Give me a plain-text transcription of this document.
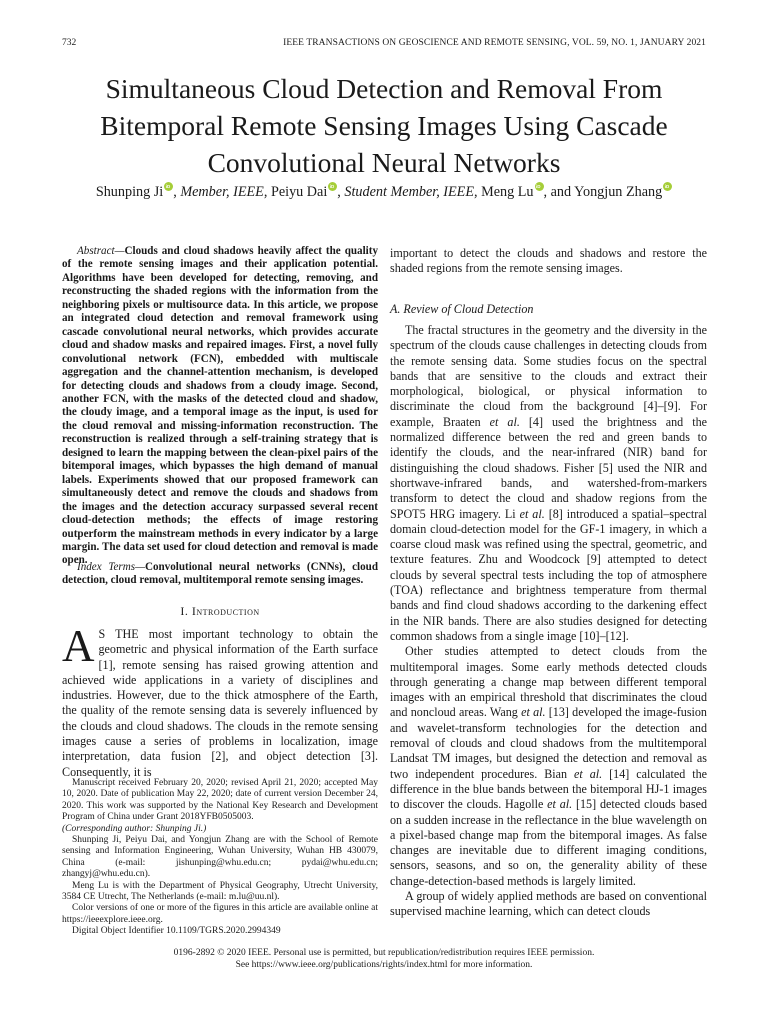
732	IEEE TRANSACTIONS ON GEOSCIENCE AND REMOTE SENSING, VOL. 59, NO. 1, JANUARY 2021
Simultaneous Cloud Detection and Removal From
Bitemporal Remote Sensing Images Using Cascade
Convolutional Neural Networks
Shunping Ji iD , Member, IEEE, Peiyu Dai iD , Student Member, IEEE, Meng Lu iD , and Yongjun ZhangiD

Abstract—Clouds and cloud shadows heavily affect the quality of the remote sensing images and their application potential. Algorithms have been developed for detecting, removing, and reconstructing the shaded regions with the information from the neighboring pixels or multisource data. In this article, we propose an integrated cloud detection and removal framework using cascade convolutional neural networks, which provides accurate cloud and shadow masks and repaired images. First, a novel fully convolutional network (FCN), embedded with multiscale aggregation and the channel-attention mechanism, is developed for detecting clouds and shadows from a cloudy image. Second, another FCN, with the masks of the detected cloud and shadow, the cloudy image, and a temporal image as the input, is used for the cloud removal and missing-information reconstruction. The reconstruction is realized through a self-training strategy that is designed to learn the mapping between the clean-pixel pairs of the bitemporal images, which bypasses the high demand of manual labels. Experiments showed that our proposed framework can simultaneously detect and remove the clouds and shadows from the images and the detection accuracy surpassed several recent cloud-detection methods; the effects of image restoring outperform the mainstream methods in every indicator by a large margin. The data set used for cloud detection and removal is made open.

Index Terms—Convolutional neural networks (CNNs), cloud detection, cloud removal, multitemporal remote sensing images.

I. Introduction

A S THE most important technology to obtain the geometric and physical information of the Earth surface [1], remote sensing has raised growing attention and achieved wide applications in a variety of disciplines and industries. However, due to the thick atmosphere of the Earth, the quality of the remote sensing data is severely influenced by the clouds and cloud shadows. The clouds in the remote sensing images cause a series of problems in localization, image interpretation, data fusion [2], and object detection [3]. Consequently, it is

Manuscript received February 20, 2020; revised April 21, 2020; accepted May 10, 2020. Date of publication May 22, 2020; date of current version December 24, 2020. This work was supported by the National Key Research and Development Program of China under Grant 2018YFB0505003.
(Corresponding author: Shunping Ji.)

Shunping Ji, Peiyu Dai, and Yongjun Zhang are with the School of Remote sensing and Information Engineering, Wuhan University, Wuhan HB 430079, China (e-mail: jishunping@whu.edu.cn; pydai@whu.edu.cn; zhangyj@whu.edu.cn).

Meng Lu is with the Department of Physical Geography, Utrecht University, 3584 CE Utrecht, The Netherlands (e-mail: m.lu@uu.nl).

Color versions of one or more of the figures in this article are available online at https://ieeexplore.ieee.org.

Digital Object Identifier 10.1109/TGRS.2020.2994349

important to detect the clouds and shadows and restore the shaded regions from the remote sensing images.

A. Review of Cloud Detection

The fractal structures in the geometry and the diversity in the spectrum of the clouds cause challenges in detecting clouds from the remote sensing data. Some studies focus on the spectral bands that are sensitive to the clouds and extract their morphological, biological, or physical information to discriminate the cloud from the background [4]–[9]. For example, Braaten et al. [4] used the brightness and the normalized difference between the red and green bands to identify the clouds, and the near-infrared (NIR) band for distinguishing the cloud shadows. Fisher [5] used the NIR and shortwave-infrared bands, and watershed-from-markers transform to detect the cloud and shadow regions from the SPOT5 HRG imagery. Li et al. [8] introduced a spatial–spectral domain cloud-detection model for the GF-1 imagery, in which a coarse cloud mask was refined using the spectral, geometric, and texture features. Zhu and Woodcock [9] attempted to detect clouds by several spectral tests including the top of atmosphere (TOA) reflectance and brightness temperature from thermal bands and find cloud shadows according to the darkening effect in the NIR bands. There are also studies designed for detecting common shadows from a single image [10]–[12].

Other studies attempted to detect clouds from the multitemporal images. Some early methods detected clouds through generating a change map between different temporal images with an empirical threshold that discriminates the cloud and noncloud areas. Wang et al. [13] developed the image-fusion and wavelet-transform technologies for the detection and removal of clouds and cloud shadows from the multitemporal Landsat TM images, but designed the detection and removal as two independent procedures. Bian et al. [14] calculated the difference in the blue bands between the bitemporal HJ-1 images to discover the clouds. Hagolle et al. [15] detected clouds based on a sudden increase in the reflectance in the blue wavelength on a pixel-based change map from the bitemporal images. As false changes are inevitable due to different imaging conditions, sensors, seasons, and so on, the generality ability of these change-detection-based methods is largely limited.

A group of widely applied methods are based on conventional supervised machine learning, which can detect clouds

0196-2892 © 2020 IEEE. Personal use is permitted, but republication/redistribution requires IEEE permission.
See https://www.ieee.org/publications/rights/index.html for more information.
